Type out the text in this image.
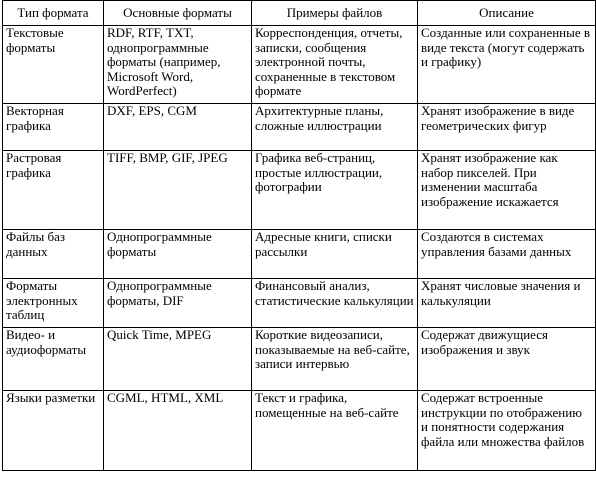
Тип формата	Основные форматы	Примеры файлов	Описание
Текстовые форматы	RDF, RTF, TXT, однопрограммные форматы (например, Microsoft Word, WordPerfect)	Корреспонденция, отчеты, записки, сообщения электронной почты, сохраненные в текстовом формате	Созданные или сохраненные в виде текста (могут содержать и графику)
Векторная графика	DXF, EPS, CGM	Архитектурные планы, сложные иллюстрации	Хранят изображение в виде геометрических фигур
Растровая графика	TIFF, BMP, GIF, JPEG	Графика веб-страниц, простые иллюстрации, фотографии	Хранят изображение как набор пикселей. При изменении масштаба изображение искажается
Файлы баз данных	Однопрограммные форматы	Адресные книги, списки рассылки	Создаются в системах управления базами данных
Форматы электронных таблиц	Однопрограммные форматы, DIF	Финансовый анализ, статистические калькуляции	Хранят числовые значения и калькуляции
Видео- и аудиоформаты	Quick Time, MPEG	Короткие видеозаписи, показываемые на веб-сайте, записи интервью	Содержат движущиеся изображения и звук
Языки разметки	CGML, HTML, XML	Текст и графика, помещенные на веб-сайте	Содержат встроенные инструкции по отображению и понятности содержания файла или множества файлов
